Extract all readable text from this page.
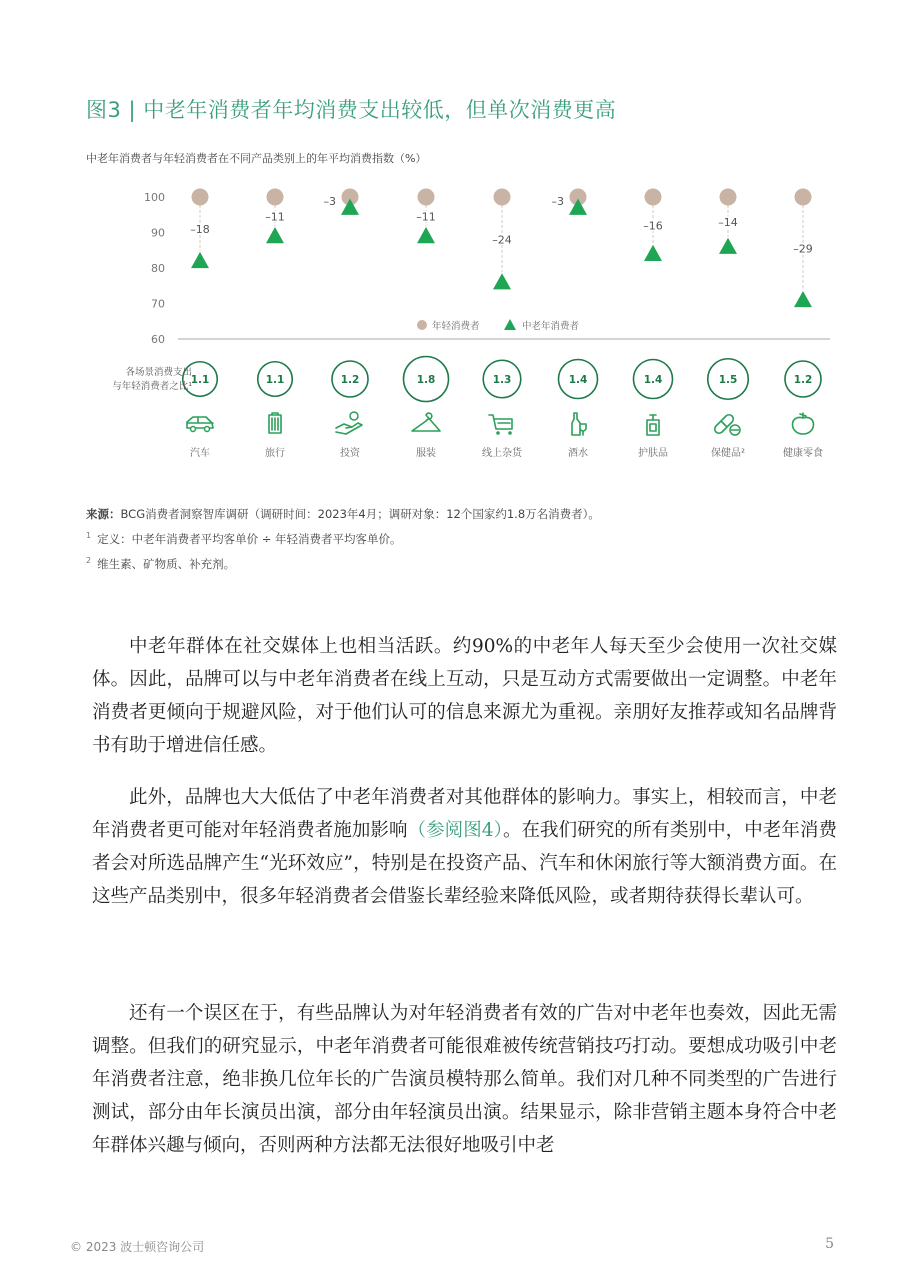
图3 | 中老年消费者年均消费支出较低，但单次消费更高
中老年消费者与年轻消费者在不同产品类别上的年平均消费指数（%）
100
90
80
70
60
–18
–11
–3
–11
–24
–3
–16	–14
–29
年轻消费者	中老年消费者
1.1	1.1	1.2	1.8	1.3	1.4	1.4	1.5	1.2
汽车	旅行	投资	服装	线上杂货	酒水	护肤品	保健品²	健康零食
各场景消费支出
与年轻消费者之比¹
来源：BCG消费者洞察智库调研（调研时间：2023年4月；调研对象：12个国家约1.8万名消费者）。
$^1$ 定义：中老年消费者平均客单价 ÷ 年轻消费者平均客单价。
$^2$ 维生素、矿物质、补充剂。
中老年群体在社交媒体上也相当活跃。约90%的中老年人每天至少会使用一次社交媒体。因此，品牌可以与中老年消费者在线上互动，只是互动方式需要做出一定调整。中老年消费者更倾向于规避风险，对于他们认可的信息来源尤为重视。亲朋好友推荐或知名品牌背书有助于增进信任感。
此外，品牌也大大低估了中老年消费者对其他群体的影响力。事实上，相较而言，中老年消费者更可能对年轻消费者施加影响（参阅图4）。在我们研究的所有类别中，中老年消费者会对所选品牌产生“光环效应”，特别是在投资产品、汽车和休闲旅行等大额消费方面。在这些产品类别中，很多年轻消费者会借鉴长辈经验来降低风险，或者期待获得长辈认可。
还有一个误区在于，有些品牌认为对年轻消费者有效的广告对中老年也奏效，因此无需调整。但我们的研究显示，中老年消费者可能很难被传统营销技巧打动。要想成功吸引中老年消费者注意，绝非换几位年长的广告演员模特那么简单。我们对几种不同类型的广告进行测试，部分由年长演员出演，部分由年轻演员出演。结果显示，除非营销主题本身符合中老年群体兴趣与倾向，否则两种方法都无法很好地吸引中老
© 2023 波士顿咨询公司	5
